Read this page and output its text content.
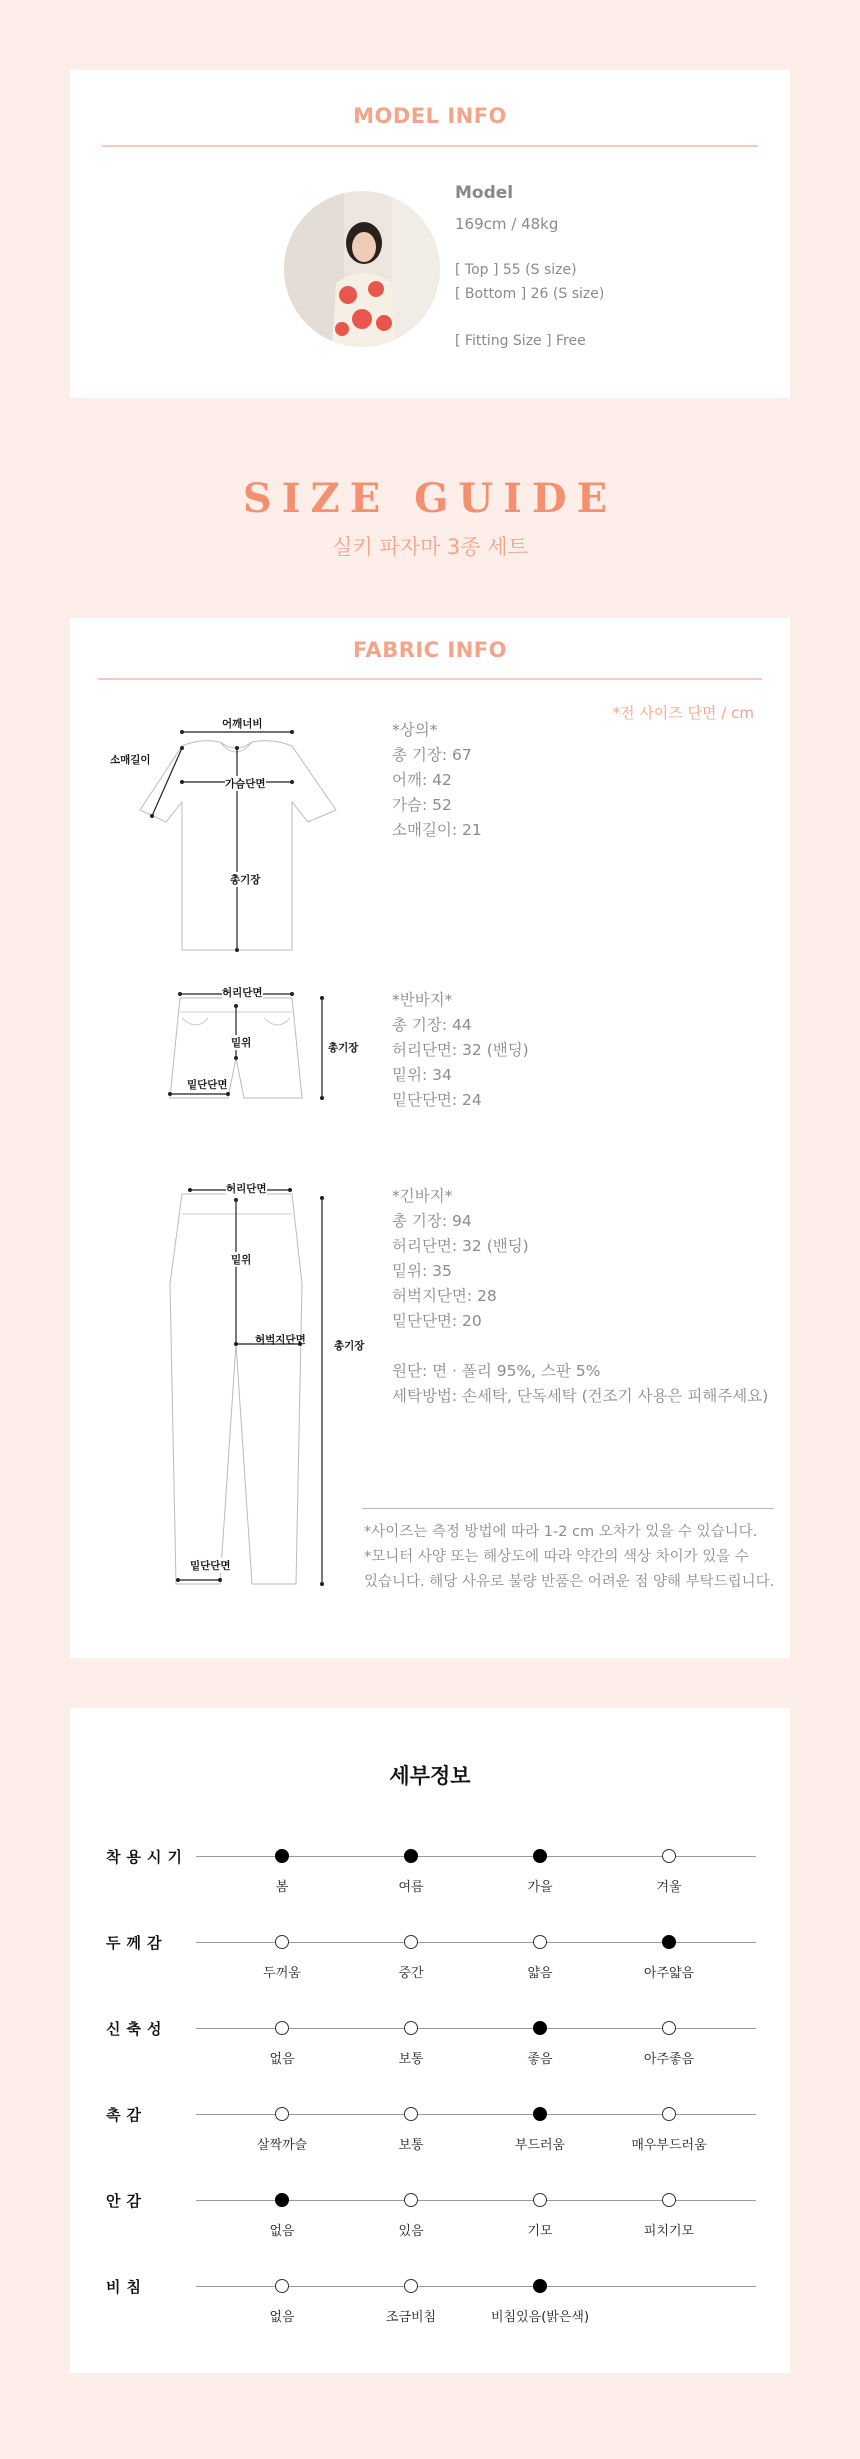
MODEL INFO
Model
169cm / 48kg
[ Top ] 55 (S size)
[ Bottom ] 26 (S size)
[ Fitting Size ] Free
SIZE GUIDE
실키 파자마 3종 세트
FABRIC INFO
*전 사이즈 단면 / cm
어깨너비
소매길이
가슴단면
총기장
*상의*
총 기장: 67
어깨: 42
가슴: 52
소매길이: 21
허리단면
밑위
밑단단면
총기장
*반바지*
총 기장: 44
허리단면: 32 (밴딩)
밑위: 34
밑단단면: 24
허리단면
밑위
허벅지단면	총기장
밑단단면
*긴바지*
총 기장: 94
허리단면: 32 (밴딩)
밑위: 35
허벅지단면: 28
밑단단면: 20
원단: 면 · 폴리 95%, 스판 5%
세탁방법: 손세탁, 단독세탁 (건조기 사용은 피해주세요)
*사이즈는 측정 방법에 따라 1-2 cm 오차가 있을 수 있습니다.
*모니터 사양 또는 해상도에 따라 약간의 색상 차이가 있을 수
있습니다. 해당 사유로 불량 반품은 어려운 점 양해 부탁드립니다.
세부정보
착용시기
봄	여름	가을	겨울
두께감
두꺼움	중간	얇음	아주얇음
신축성
없음	보통	좋음	아주좋음
촉감
살짝까슬	보통	부드러움	매우부드러움
안감
없음	있음	기모	피치기모
비침
없음	조금비침	비침있음(밝은색)
